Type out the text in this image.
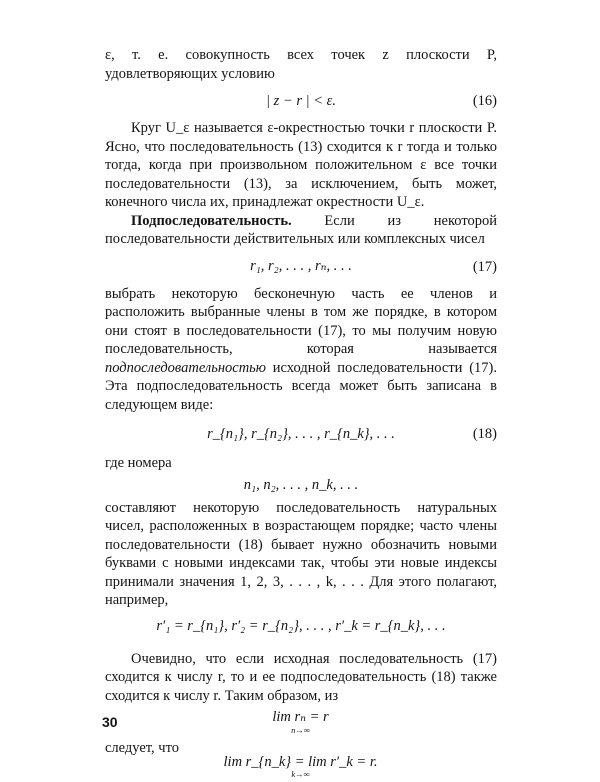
ε, т. е. совокупность всех точек z плоскости P, удовлетворяющих условию

| z − r | < ε.	(16)

Круг U_ε называется ε-окрестностью точки r плоскости P. Ясно, что последовательность (13) сходится к r тогда и только тогда, когда при произвольном положительном ε все точки последовательности (13), за исключением, быть может, конечного числа их, принадлежат окрестности U_ε.

Подпоследовательность. Если из некоторой последовательности действительных или комплексных чисел

r₁, r₂, . . . , rₙ, . . .	(17)

выбрать некоторую бесконечную часть ее членов и расположить выбранные члены в том же порядке, в котором они стоят в последовательности (17), то мы получим новую последовательность, которая называется подпоследовательностью исходной последовательности (17). Эта подпоследовательность всегда может быть записана в следующем виде:

r_{n₁}, r_{n₂}, . . . , r_{n_k}, . . .	(18)

где номера

n₁, n₂, . . . , n_k, . . .

составляют некоторую последовательность натуральных чисел, расположенных в возрастающем порядке; часто члены последовательности (18) бывает нужно обозначить новыми буквами с новыми индексами так, чтобы эти новые индексы принимали значения 1, 2, 3, . . . , k, . . . Для этого полагают, например,

r′₁ = r_{n₁}, r′₂ = r_{n₂}, . . . , r′_k = r_{n_k}, . . .

Очевидно, что если исходная последовательность (17) сходится к числу r, то и ее подпоследовательность (18) также сходится к числу r. Таким образом, из

lim rₙ = r
n→∞

следует, что

lim r_{n_k} = lim r′_k = r.
k→∞
30
